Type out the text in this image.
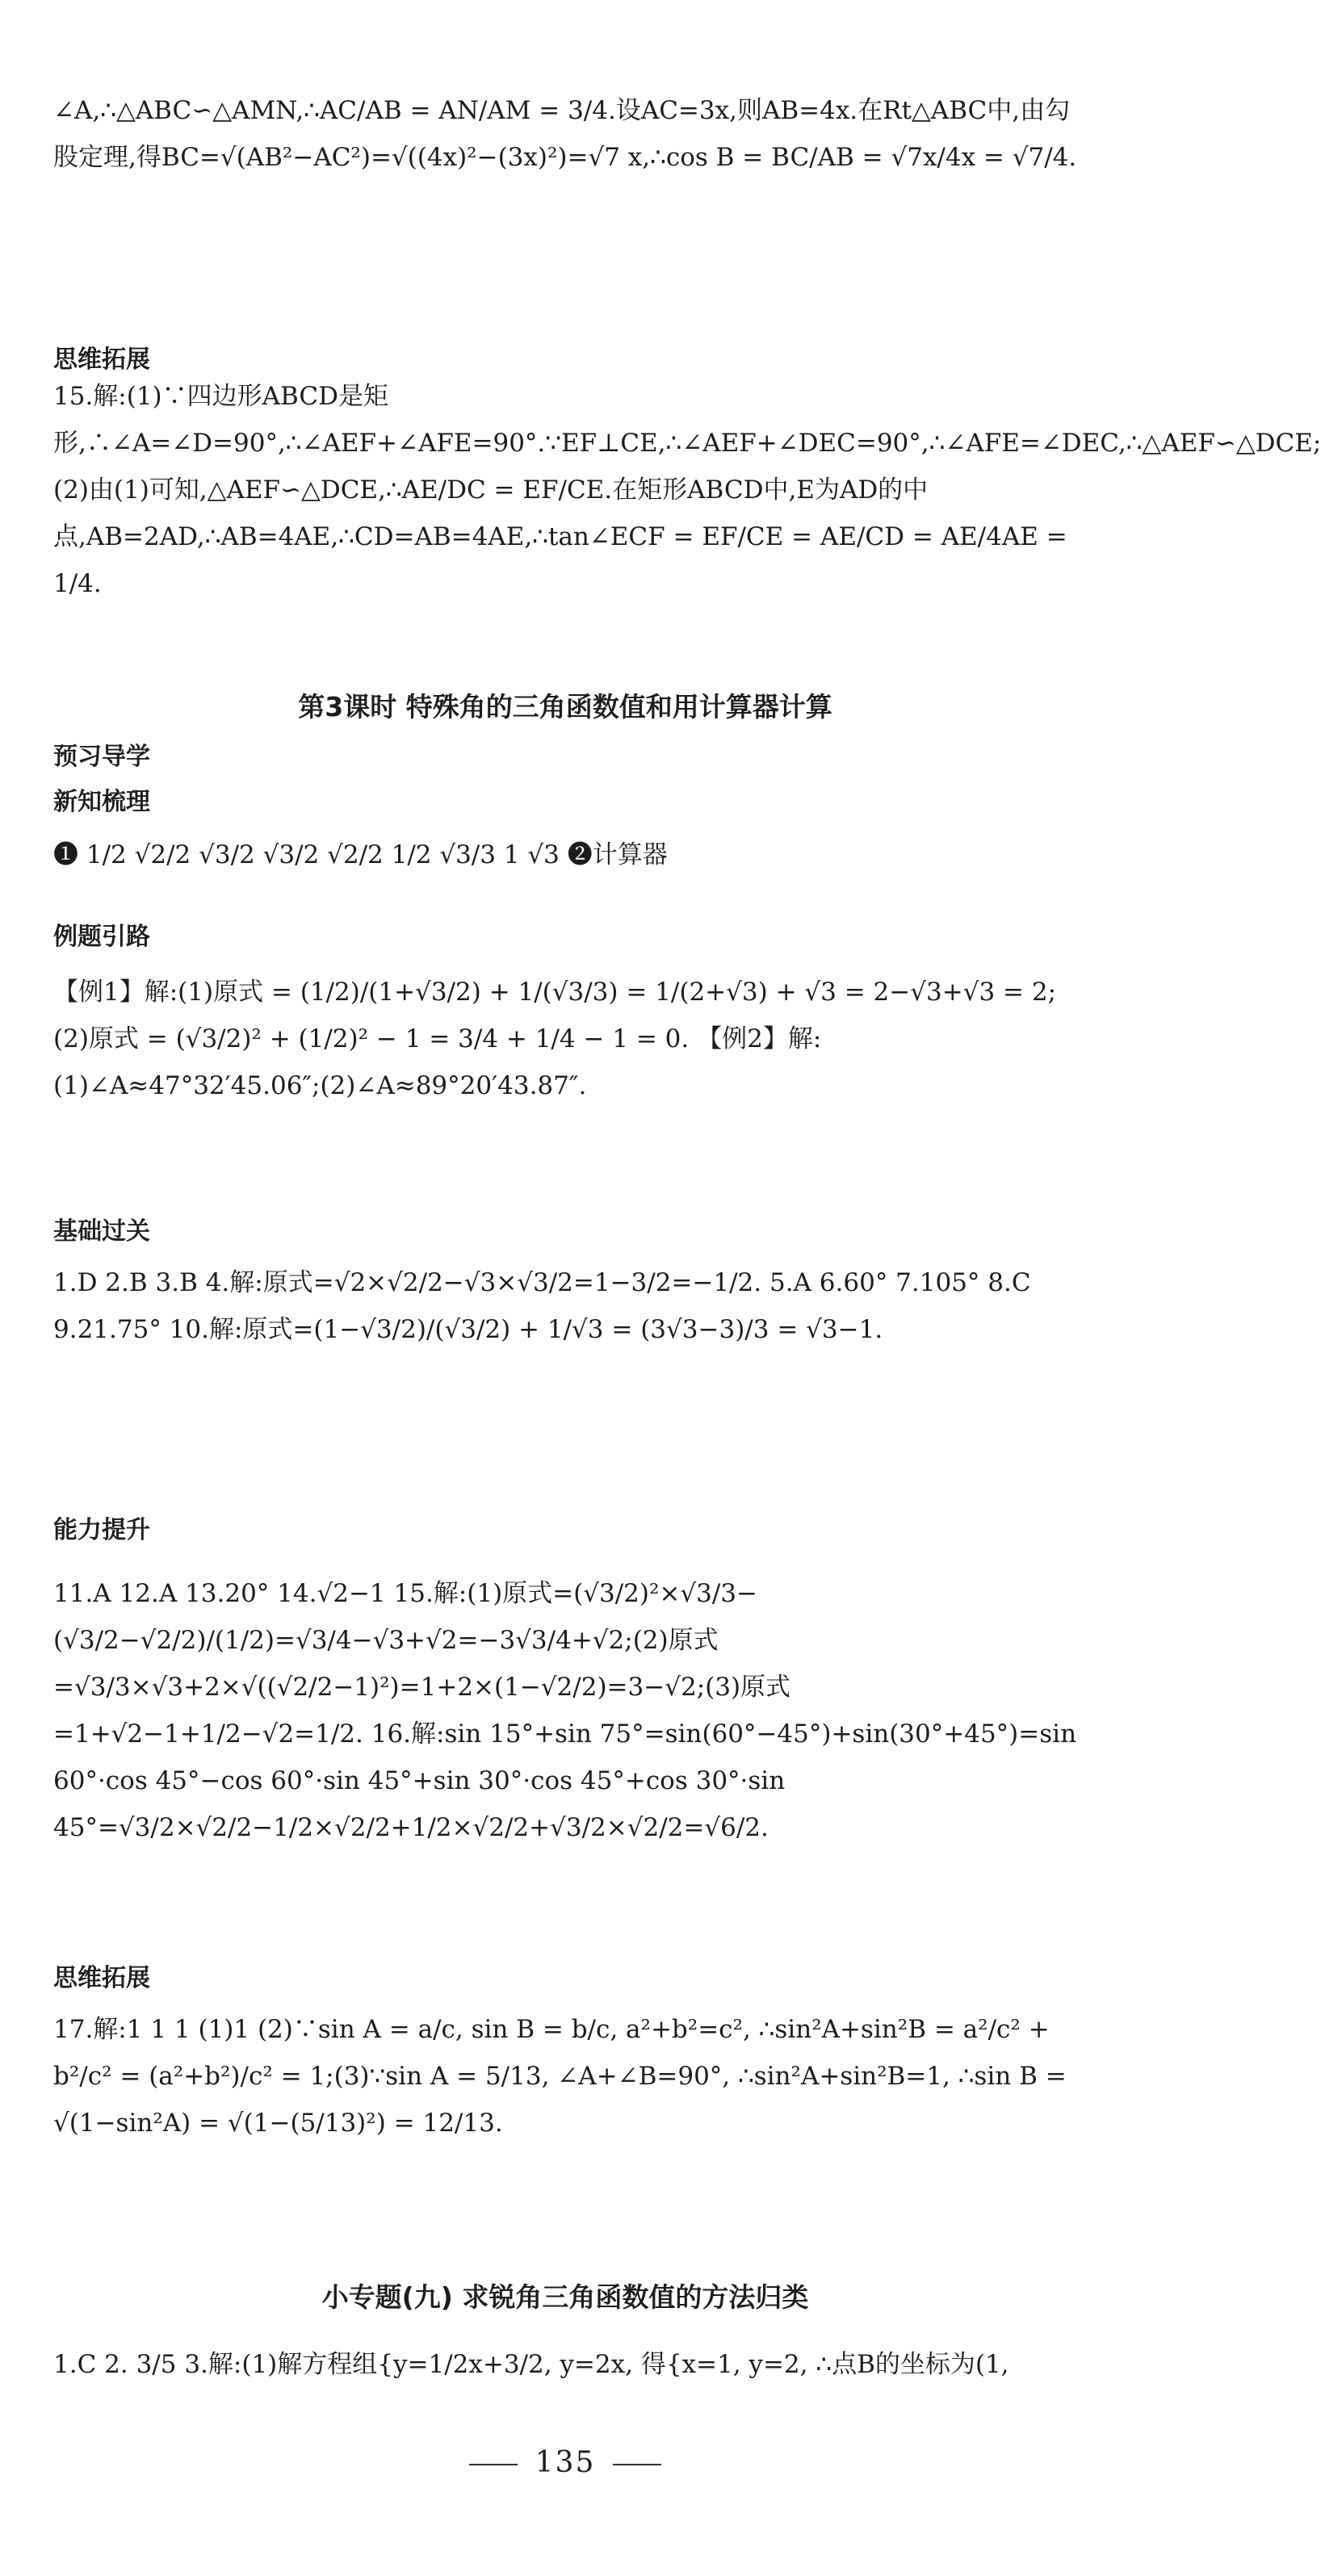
∠A,∴△ABC∽△AMN,∴AC/AB = AN/AM = 3/4.设AC=3x,则AB=4x.在Rt△ABC中,由勾股定理,得BC=√(AB²−AC²)=√((4x)²−(3x)²)=√7 x,∴cos B = BC/AB = √7x/4x = √7/4.
思维拓展
15.解:(1)∵四边形ABCD是矩形,∴∠A=∠D=90°,∴∠AEF+∠AFE=90°.∵EF⊥CE,∴∠AEF+∠DEC=90°,∴∠AFE=∠DEC,∴△AEF∽△DCE;(2)由(1)可知,△AEF∽△DCE,∴AE/DC = EF/CE.在矩形ABCD中,E为AD的中点,AB=2AD,∴AB=4AE,∴CD=AB=4AE,∴tan∠ECF = EF/CE = AE/CD = AE/4AE = 1/4.
第3课时 特殊角的三角函数值和用计算器计算
预习导学
新知梳理
❶ 1/2 √2/2 √3/2 √3/2 √2/2 1/2 √3/3 1 √3 ❷计算器
例题引路
【例1】解:(1)原式 = (1/2)/(1+√3/2) + 1/(√3/3) = 1/(2+√3) + √3 = 2−√3+√3 = 2;(2)原式 = (√3/2)² + (1/2)² − 1 = 3/4 + 1/4 − 1 = 0. 【例2】解:(1)∠A≈47°32′45.06″;(2)∠A≈89°20′43.87″.
基础过关
1.D 2.B 3.B 4.解:原式=√2×√2/2−√3×√3/2=1−3/2=−1/2. 5.A 6.60° 7.105° 8.C 9.21.75° 10.解:原式=(1−√3/2)/(√3/2) + 1/√3 = (3√3−3)/3 = √3−1.
能力提升
11.A 12.A 13.20° 14.√2−1 15.解:(1)原式=(√3/2)²×√3/3−(√3/2−√2/2)/(1/2)=√3/4−√3+√2=−3√3/4+√2;(2)原式=√3/3×√3+2×√((√2/2−1)²)=1+2×(1−√2/2)=3−√2;(3)原式=1+√2−1+1/2−√2=1/2. 16.解:sin 15°+sin 75°=sin(60°−45°)+sin(30°+45°)=sin 60°·cos 45°−cos 60°·sin 45°+sin 30°·cos 45°+cos 30°·sin 45°=√3/2×√2/2−1/2×√2/2+1/2×√2/2+√3/2×√2/2=√6/2.
思维拓展
17.解:1 1 1 (1)1 (2)∵sin A = a/c, sin B = b/c, a²+b²=c², ∴sin²A+sin²B = a²/c² + b²/c² = (a²+b²)/c² = 1;(3)∵sin A = 5/13, ∠A+∠B=90°, ∴sin²A+sin²B=1, ∴sin B = √(1−sin²A) = √(1−(5/13)²) = 12/13.
小专题(九) 求锐角三角函数值的方法归类
1.C 2. 3/5 3.解:(1)解方程组{y=1/2x+3/2, y=2x, 得{x=1, y=2, ∴点B的坐标为(1,
135
